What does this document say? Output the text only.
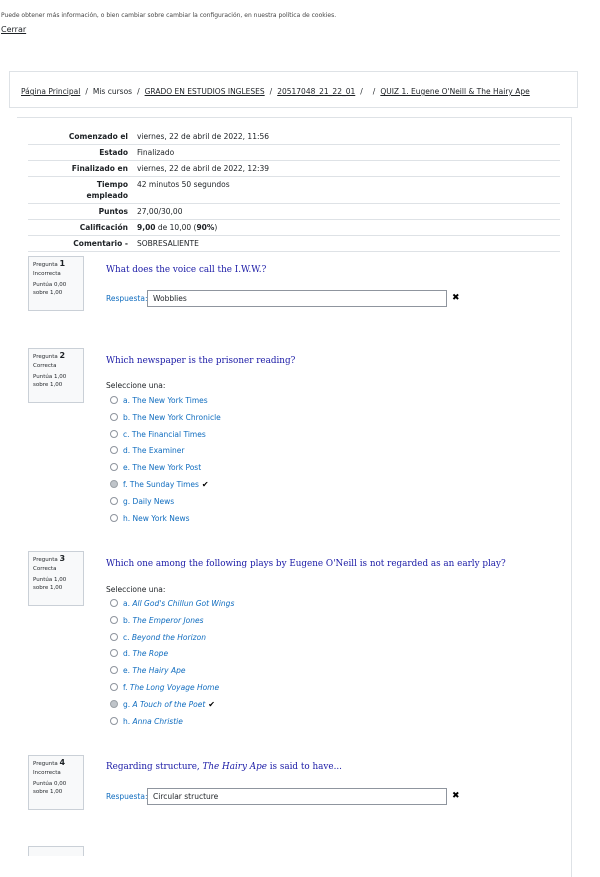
Puede obtener más información, o bien cambiar sobre cambiar la configuración, en nuestra política de cookies.
Cerrar
Página Principal / Mis cursos / GRADO EN ESTUDIOS INGLESES / 20517048_21_22_01 / / QUIZ 1. Eugene O'Neill & The Hairy Ape
Comenzado el	viernes, 22 de abril de 2022, 11:56
Estado	Finalizado
Finalizado en	viernes, 22 de abril de 2022, 12:39
Tiempo empleado	42 minutos 50 segundos
Puntos	27,00/30,00
Calificación	9,00 de 10,00 (90%)
Comentario -	SOBRESALIENTE
Pregunta 1
Incorrecta
Puntúa 0,00 sobre 1,00
What does the voice call the I.W.W.?
Respuesta: Wobblies	✖
Pregunta 2
Correcta
Puntúa 1,00 sobre 1,00
Which newspaper is the prisoner reading?
Seleccione una:
a. The New York Times
b. The New York Chronicle
c. The Financial Times
d. The Examiner
e. The New York Post
f. The Sunday Times ✔
g. Daily News
h. New York News
Pregunta 3
Correcta
Puntúa 1,00 sobre 1,00
Which one among the following plays by Eugene O'Neill is not regarded as an early play?
Seleccione una:
a. All God's Chillun Got Wings
b. The Emperor Jones
c. Beyond the Horizon
d. The Rope
e. The Hairy Ape
f. The Long Voyage Home
g. A Touch of the Poet ✔
h. Anna Christie
Pregunta 4
Incorrecta
Puntúa 0,00 sobre 1,00
Regarding structure, The Hairy Ape is said to have...
Respuesta: Circular structure	✖
